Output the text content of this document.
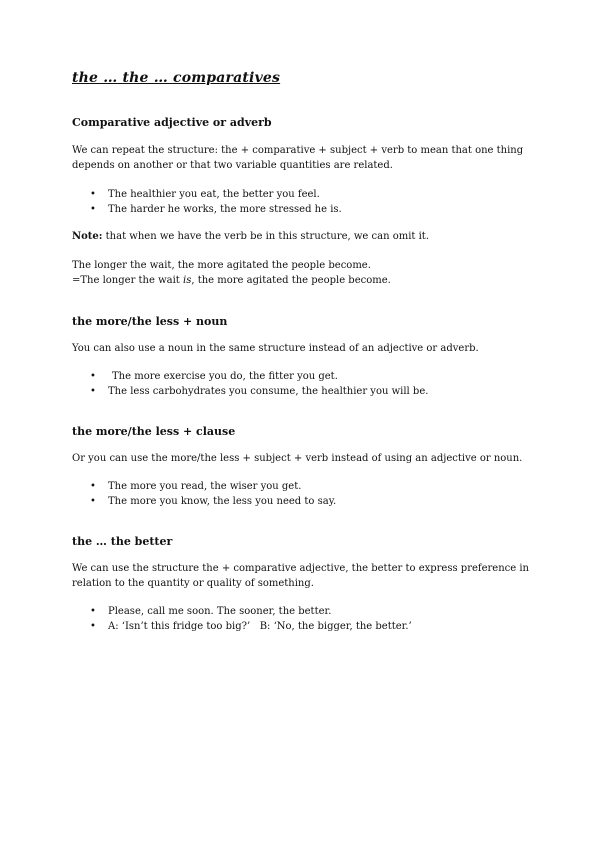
the … the … comparatives
Comparative adjective or adverb

We can repeat the structure: the + comparative + subject + verb to mean that one thing depends on another or that two variable quantities are related.

• The healthier you eat, the better you feel.
• The harder he works, the more stressed he is.

Note: that when we have the verb be in this structure, we can omit it.

The longer the wait, the more agitated the people become.

=The longer the wait is, the more agitated the people become.

the more/the less + noun

You can also use a noun in the same structure instead of an adjective or adverb.

• The more exercise you do, the fitter you get.
• The less carbohydrates you consume, the healthier you will be.
the more/the less + clause

Or you can use the more/the less + subject + verb instead of using an adjective or noun.

• The more you read, the wiser you get.
• The more you know, the less you need to say.
the … the better

We can use the structure the + comparative adjective, the better to express preference in relation to the quantity or quality of something.

• Please, call me soon. The sooner, the better.
• A: ‘Isn’t this fridge too big?’   B: ‘No, the bigger, the better.’
